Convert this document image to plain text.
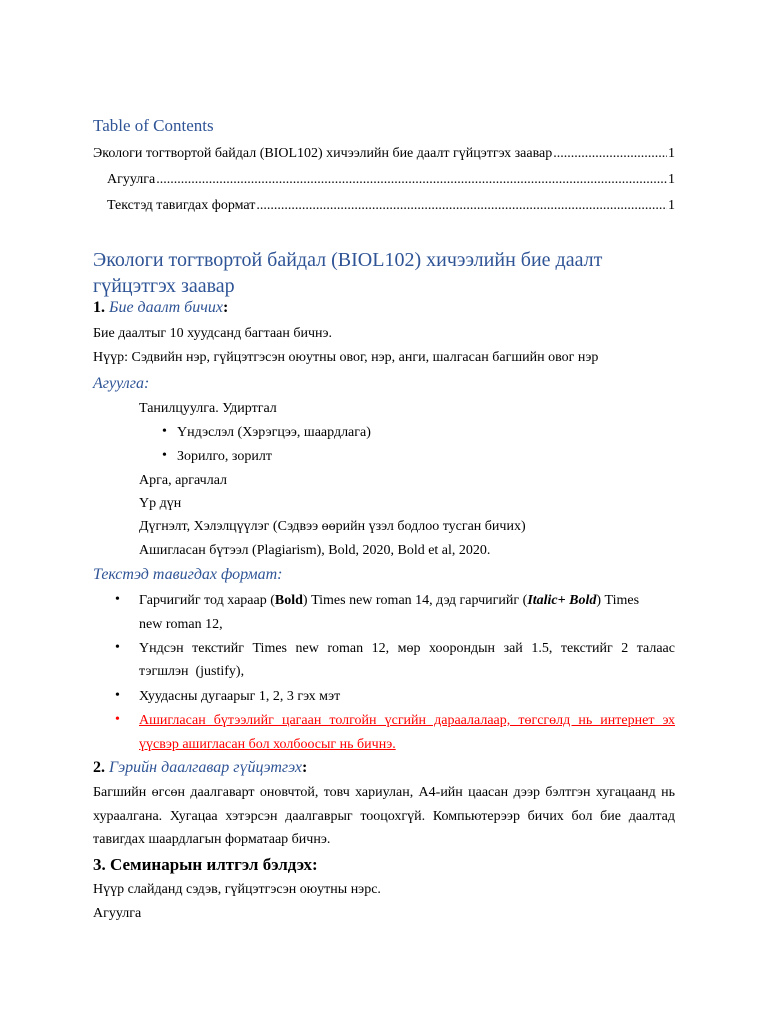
Table of Contents
Экологи тогтвортой байдал (BIOL102) хичээлийн бие даалт гүйцэтгэх заавар .....	1
Агуулга .....	1
Текстэд тавигдах формат .....	1
Экологи тогтвортой байдал (BIOL102) хичээлийн бие даалт гүйцэтгэх заавар
1. Бие даалт бичих:
Бие даалтыг 10 хуудсанд багтаан бичнэ.
Нүүр: Сэдвийн нэр, гүйцэтгэсэн оюутны овог, нэр, анги, шалгасан багшийн овог нэр
Агуулга:
Танилцуулга. Удиртгал
• Үндэслэл (Хэрэгцээ, шаардлага)
• Зорилго, зорилт
Арга, аргачлал
Үр дүн
Дүгнэлт, Хэлэлцүүлэг (Сэдвээ өөрийн үзэл бодлоо тусган бичих)
Ашигласан бүтээл (Plagiarism), Bold, 2020, Bold et al, 2020.
Текстэд тавигдах формат:
• Гарчигийг тод хараар (Bold) Times new roman 14, дэд гарчигийг (Italic+ Bold) Times
new roman 12,
• Үндсэн текстийг Times new roman 12, мөр хоорондын зай 1.5, текстийг 2 талаас
тэгшлэн  (justify),
• Хуудасны дугаарыг 1, 2, 3 гэх мэт
• Ашигласан бүтээлийг цагаан толгойн үсгийн дараалалаар, төгсгөлд нь интернет эх
үүсвэр ашигласан бол холбоосыг нь бичнэ.
2. Гэрийн даалгавар гүйцэтгэх:
Багшийн өгсөн даалгаварт оновчтой, товч хариулан, А4-ийн цаасан дээр бэлтгэн хугацаанд нь
хураалгана. Хугацаа хэтэрсэн даалгаврыг тооцохгүй. Компьютерээр бичих бол бие даалтад
тавигдах шаардлагын форматаар бичнэ.
3. Семинарын илтгэл бэлдэх:
Нүүр слайданд сэдэв, гүйцэтгэсэн оюутны нэрс.
Агуулга
